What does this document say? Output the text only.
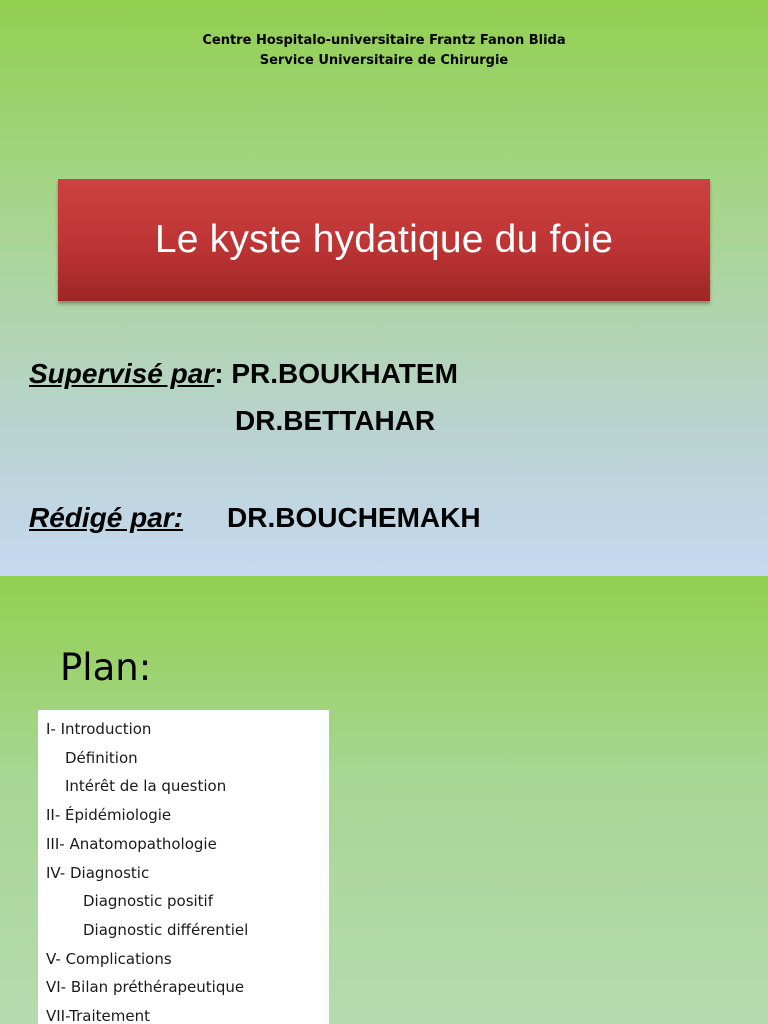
Centre Hospitalo-universitaire Frantz Fanon Blida
Service Universitaire de Chirurgie
Le kyste hydatique du foie
Supervisé par: PR.BOUKHATEM
DR.BETTAHAR
Rédigé par: DR.BOUCHEMAKH
Plan:
I- Introduction
Définition
Intérêt de la question
II- Épidémiologie
III- Anatomopathologie
IV- Diagnostic
Diagnostic positif
Diagnostic différentiel
V- Complications
VI- Bilan préthérapeutique
VII-Traitement
